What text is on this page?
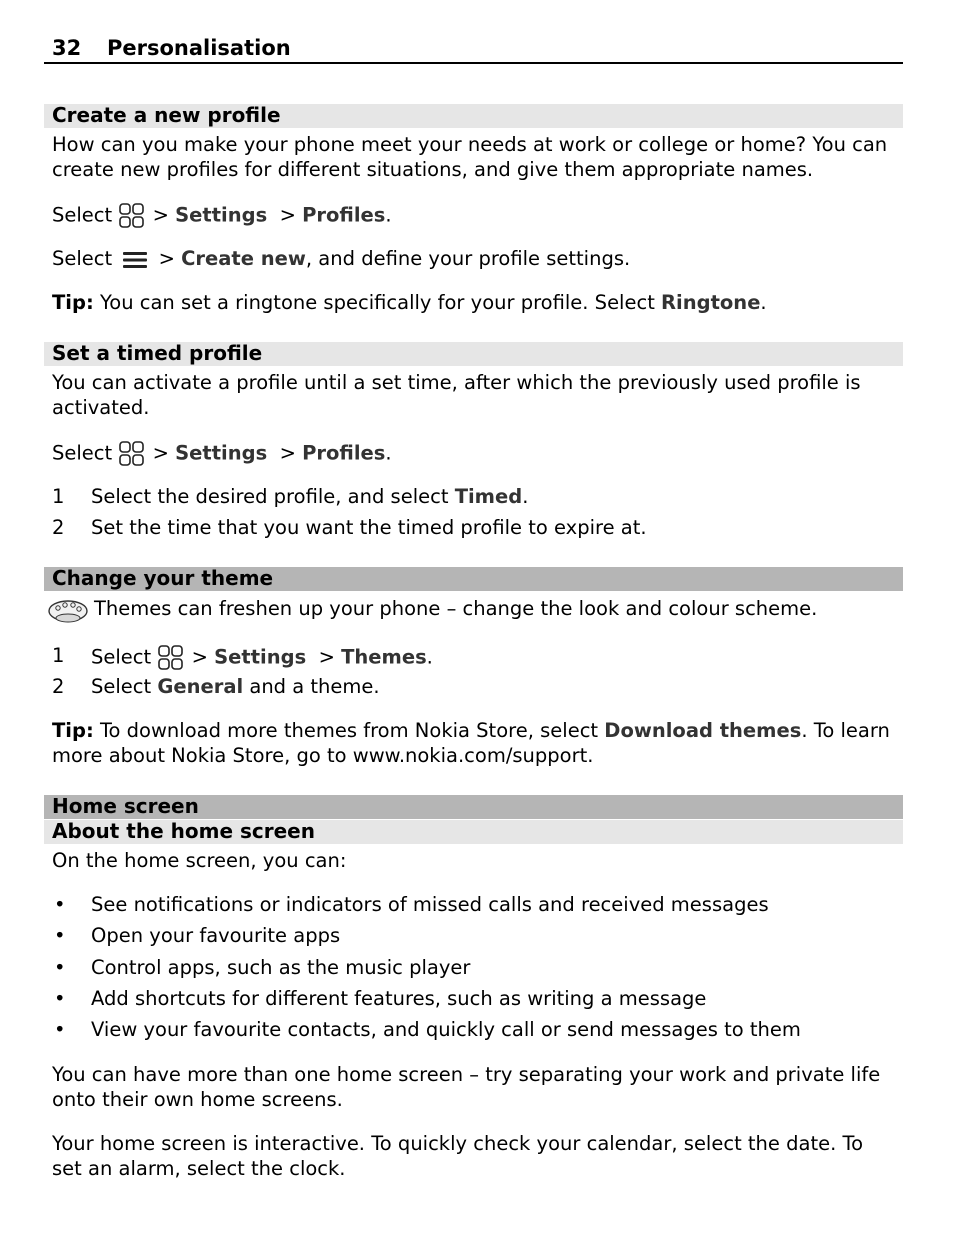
32 Personalisation
Create a new profile
How can you make your phone meet your needs at work or college or home? You can create new profiles for different situations, and give them appropriate names.
Select  > Settings  > Profiles.
Select  > Create new, and define your profile settings.
Tip: You can set a ringtone specifically for your profile. Select Ringtone.
Set a timed profile
You can activate a profile until a set time, after which the previously used profile is activated.
Select  > Settings  > Profiles.
1 Select the desired profile, and select Timed.
2 Set the time that you want the timed profile to expire at.
Change your theme
Themes can freshen up your phone – change the look and colour scheme.
1 Select  > Settings  > Themes.
2 Select General and a theme.
Tip: To download more themes from Nokia Store, select Download themes. To learn more about Nokia Store, go to www.nokia.com/support.
Home screen
About the home screen
On the home screen, you can:
• See notifications or indicators of missed calls and received messages
• Open your favourite apps
• Control apps, such as the music player
• Add shortcuts for different features, such as writing a message
• View your favourite contacts, and quickly call or send messages to them
You can have more than one home screen – try separating your work and private life onto their own home screens.
Your home screen is interactive. To quickly check your calendar, select the date. To set an alarm, select the clock.
